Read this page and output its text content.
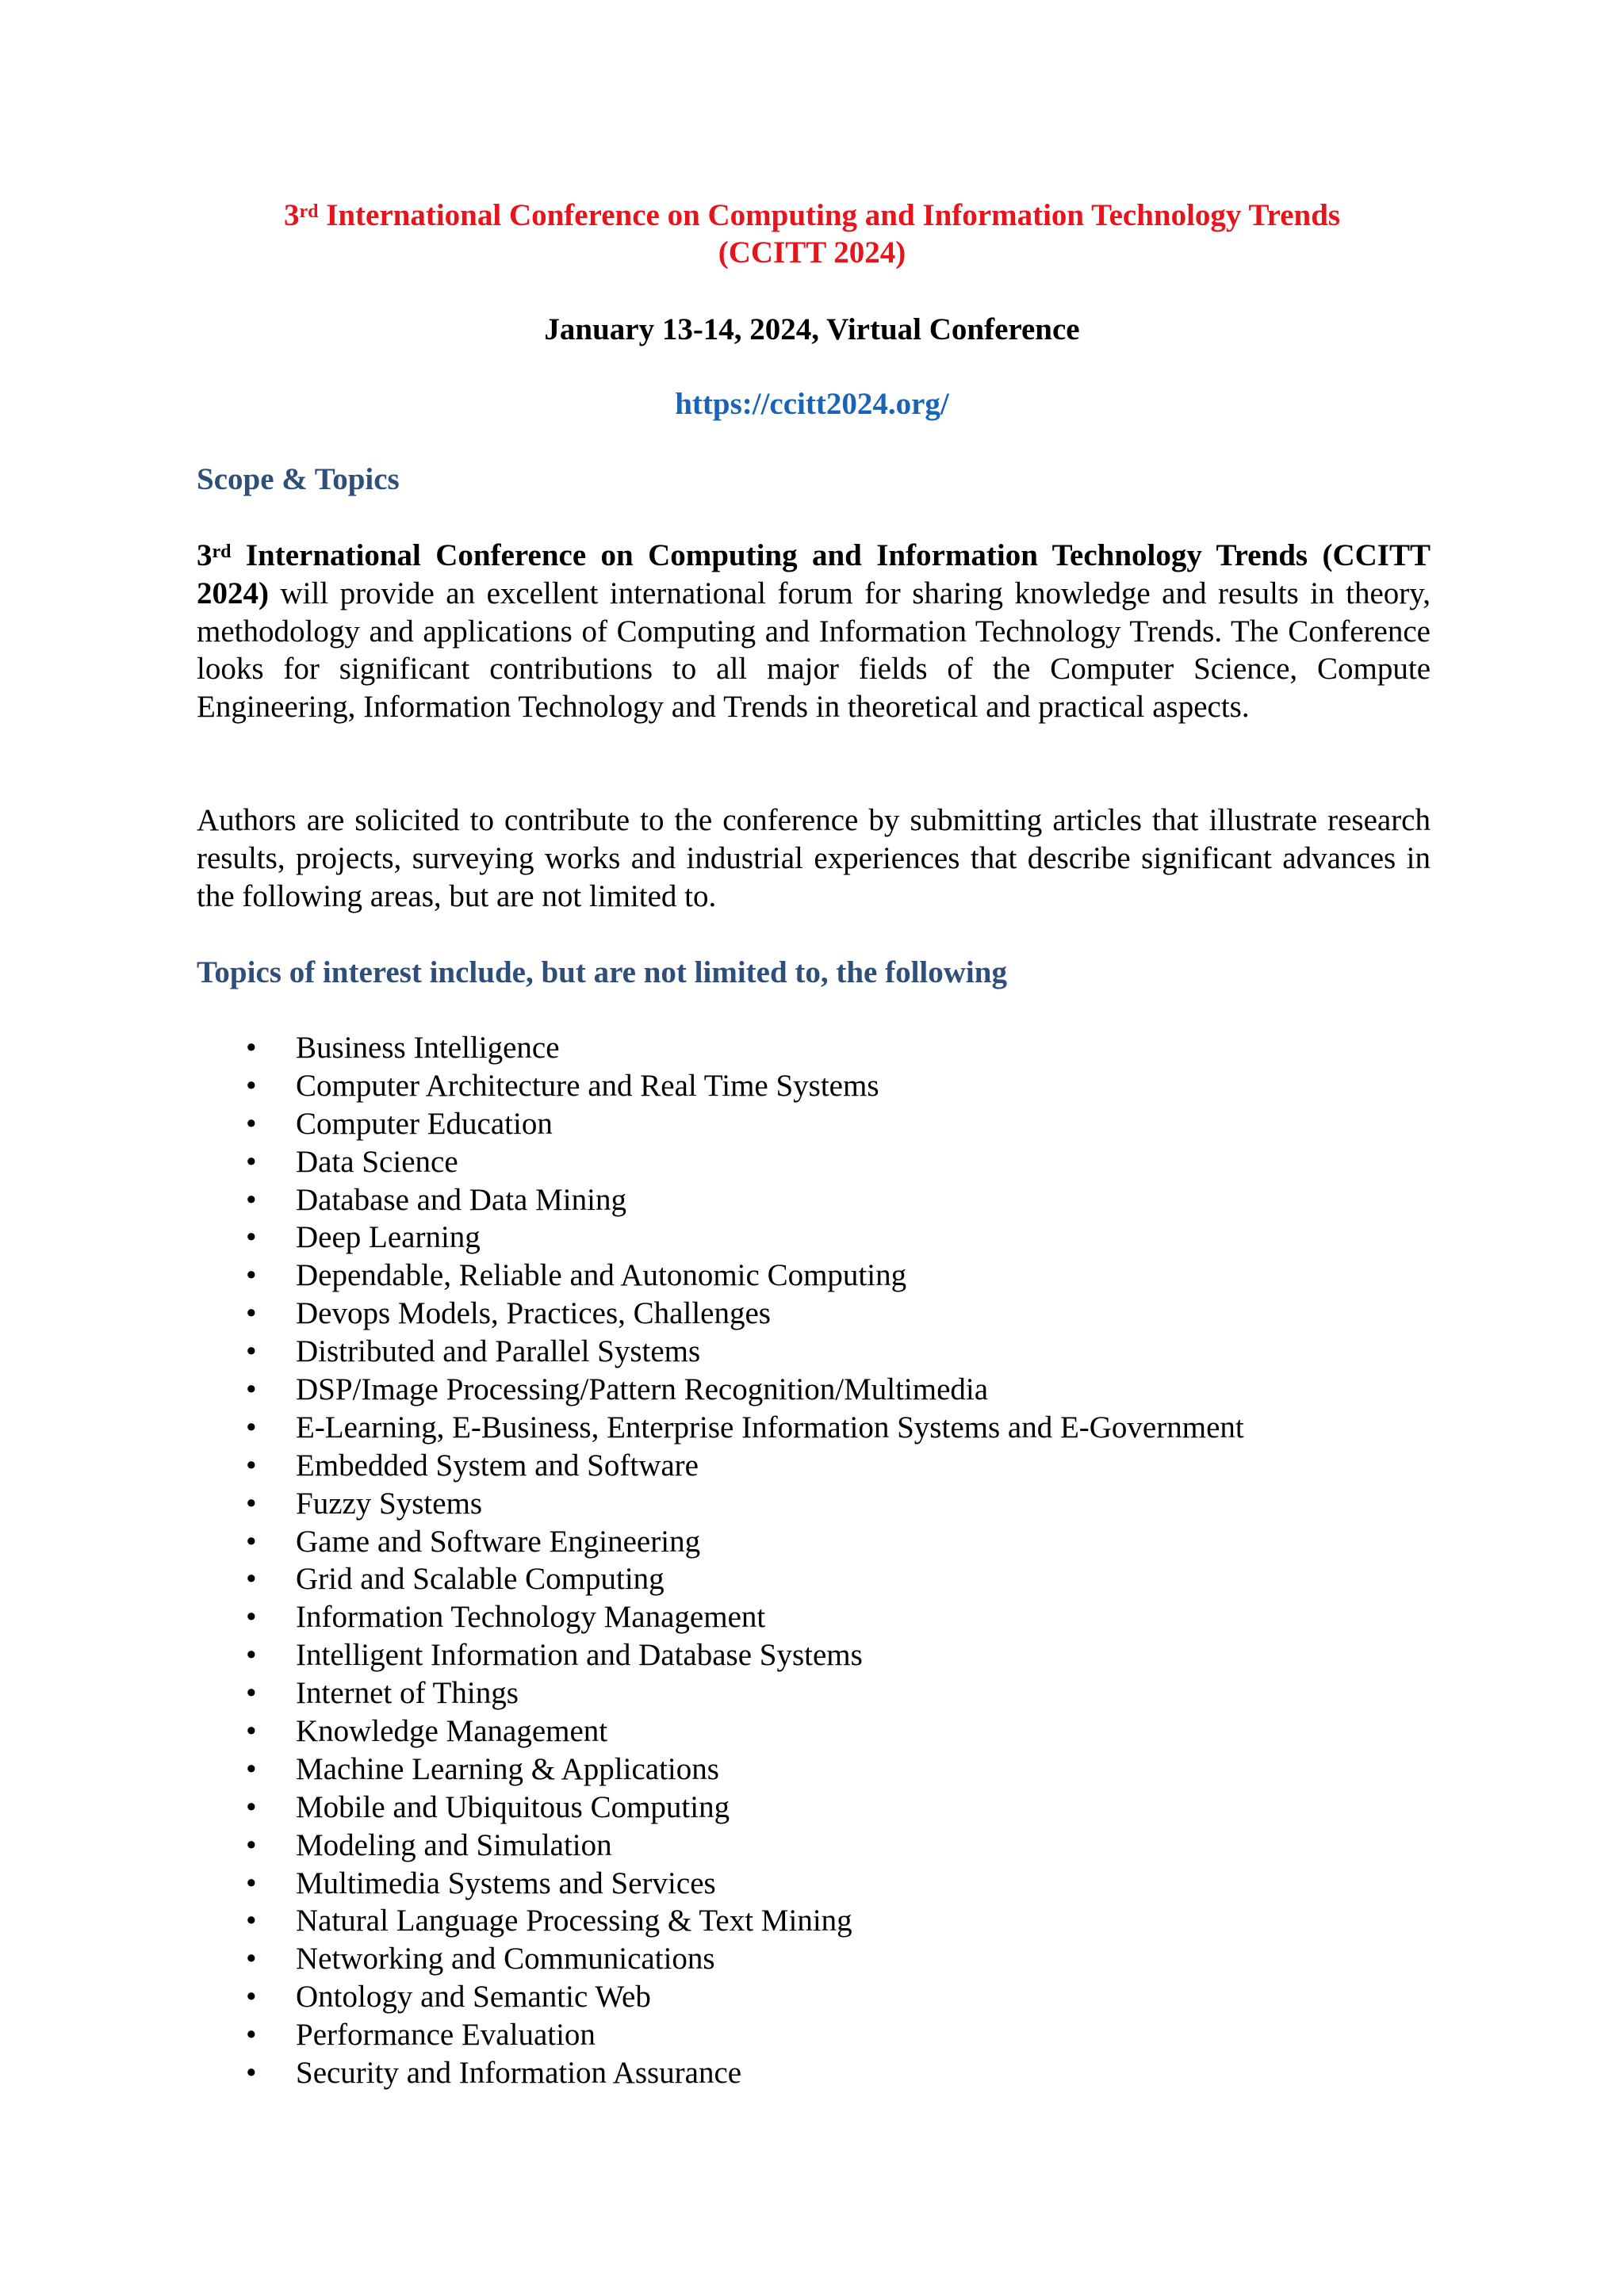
3rd International Conference on Computing and Information Technology Trends
(CCITT 2024)
January 13-14, 2024, Virtual Conference
https://ccitt2024.org/
Scope & Topics
3rd International Conference on Computing and Information Technology Trends (CCITT 2024) will provide an excellent international forum for sharing knowledge and results in theory, methodology and applications of Computing and Information Technology Trends. The Conference looks for significant contributions to all major fields of the Computer Science, Compute Engineering, Information Technology and Trends in theoretical and practical aspects.
Authors are solicited to contribute to the conference by submitting articles that illustrate research results, projects, surveying works and industrial experiences that describe significant advances in the following areas, but are not limited to.
Topics of interest include, but are not limited to, the following
• Business Intelligence
• Computer Architecture and Real Time Systems
• Computer Education
• Data Science
• Database and Data Mining
• Deep Learning
• Dependable, Reliable and Autonomic Computing
• Devops Models, Practices, Challenges
• Distributed and Parallel Systems
• DSP/Image Processing/Pattern Recognition/Multimedia
• E-Learning, E-Business, Enterprise Information Systems and E-Government
• Embedded System and Software
• Fuzzy Systems
• Game and Software Engineering
• Grid and Scalable Computing
• Information Technology Management
• Intelligent Information and Database Systems
• Internet of Things
• Knowledge Management
• Machine Learning & Applications
• Mobile and Ubiquitous Computing
• Modeling and Simulation
• Multimedia Systems and Services
• Natural Language Processing & Text Mining
• Networking and Communications
• Ontology and Semantic Web
• Performance Evaluation
• Security and Information Assurance
